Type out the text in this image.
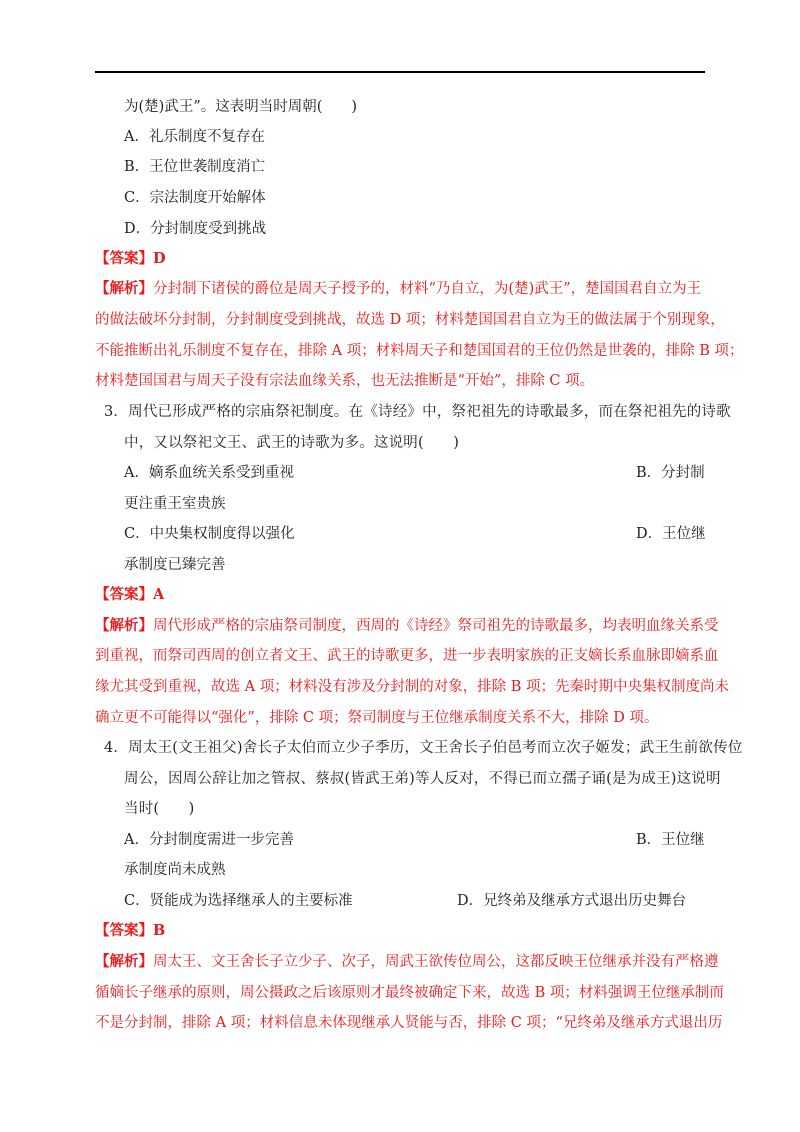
为(楚)武王”。这表明当时周朝(　　)
A．礼乐制度不复存在
B．王位世袭制度消亡
C．宗法制度开始解体
D．分封制度受到挑战
【答案】D
【解析】分封制下诸侯的爵位是周天子授予的，材料“乃自立，为(楚)武王”，楚国国君自立为王
的做法破坏分封制，分封制度受到挑战，故选 D 项；材料楚国国君自立为王的做法属于个别现象，
不能推断出礼乐制度不复存在，排除 A 项；材料周天子和楚国国君的王位仍然是世袭的，排除 B 项；
材料楚国国君与周天子没有宗法血缘关系，也无法推断是“开始”，排除 C 项。
3．周代已形成严格的宗庙祭祀制度。在《诗经》中，祭祀祖先的诗歌最多，而在祭祀祖先的诗歌
中，又以祭祀文王、武王的诗歌为多。这说明(　　)
A．嫡系血统关系受到重视	B．分封制
更注重王室贵族
C．中央集权制度得以强化	D．王位继
承制度已臻完善
【答案】A
【解析】周代形成严格的宗庙祭司制度，西周的《诗经》祭司祖先的诗歌最多，均表明血缘关系受
到重视，而祭司西周的创立者文王、武王的诗歌更多，进一步表明家族的正支嫡长系血脉即嫡系血
缘尤其受到重视，故选 A 项；材料没有涉及分封制的对象，排除 B 项；先秦时期中央集权制度尚未
确立更不可能得以“强化”，排除 C 项；祭司制度与王位继承制度关系不大，排除 D 项。
4．周太王(文王祖父)舍长子太伯而立少子季历，文王舍长子伯邑考而立次子姬发；武王生前欲传位
周公，因周公辞让加之管叔、蔡叔(皆武王弟)等人反对，不得已而立孺子诵(是为成王)这说明
当时(　　)
A．分封制度需进一步完善	B．王位继
承制度尚未成熟
C．贤能成为选择继承人的主要标准	D．兄终弟及继承方式退出历史舞台
【答案】B
【解析】周太王、文王舍长子立少子、次子，周武王欲传位周公，这都反映王位继承并没有严格遵
循嫡长子继承的原则，周公摄政之后该原则才最终被确定下来，故选 B 项；材料强调王位继承制而
不是分封制，排除 A 项；材料信息未体现继承人贤能与否，排除 C 项；“兄终弟及继承方式退出历
